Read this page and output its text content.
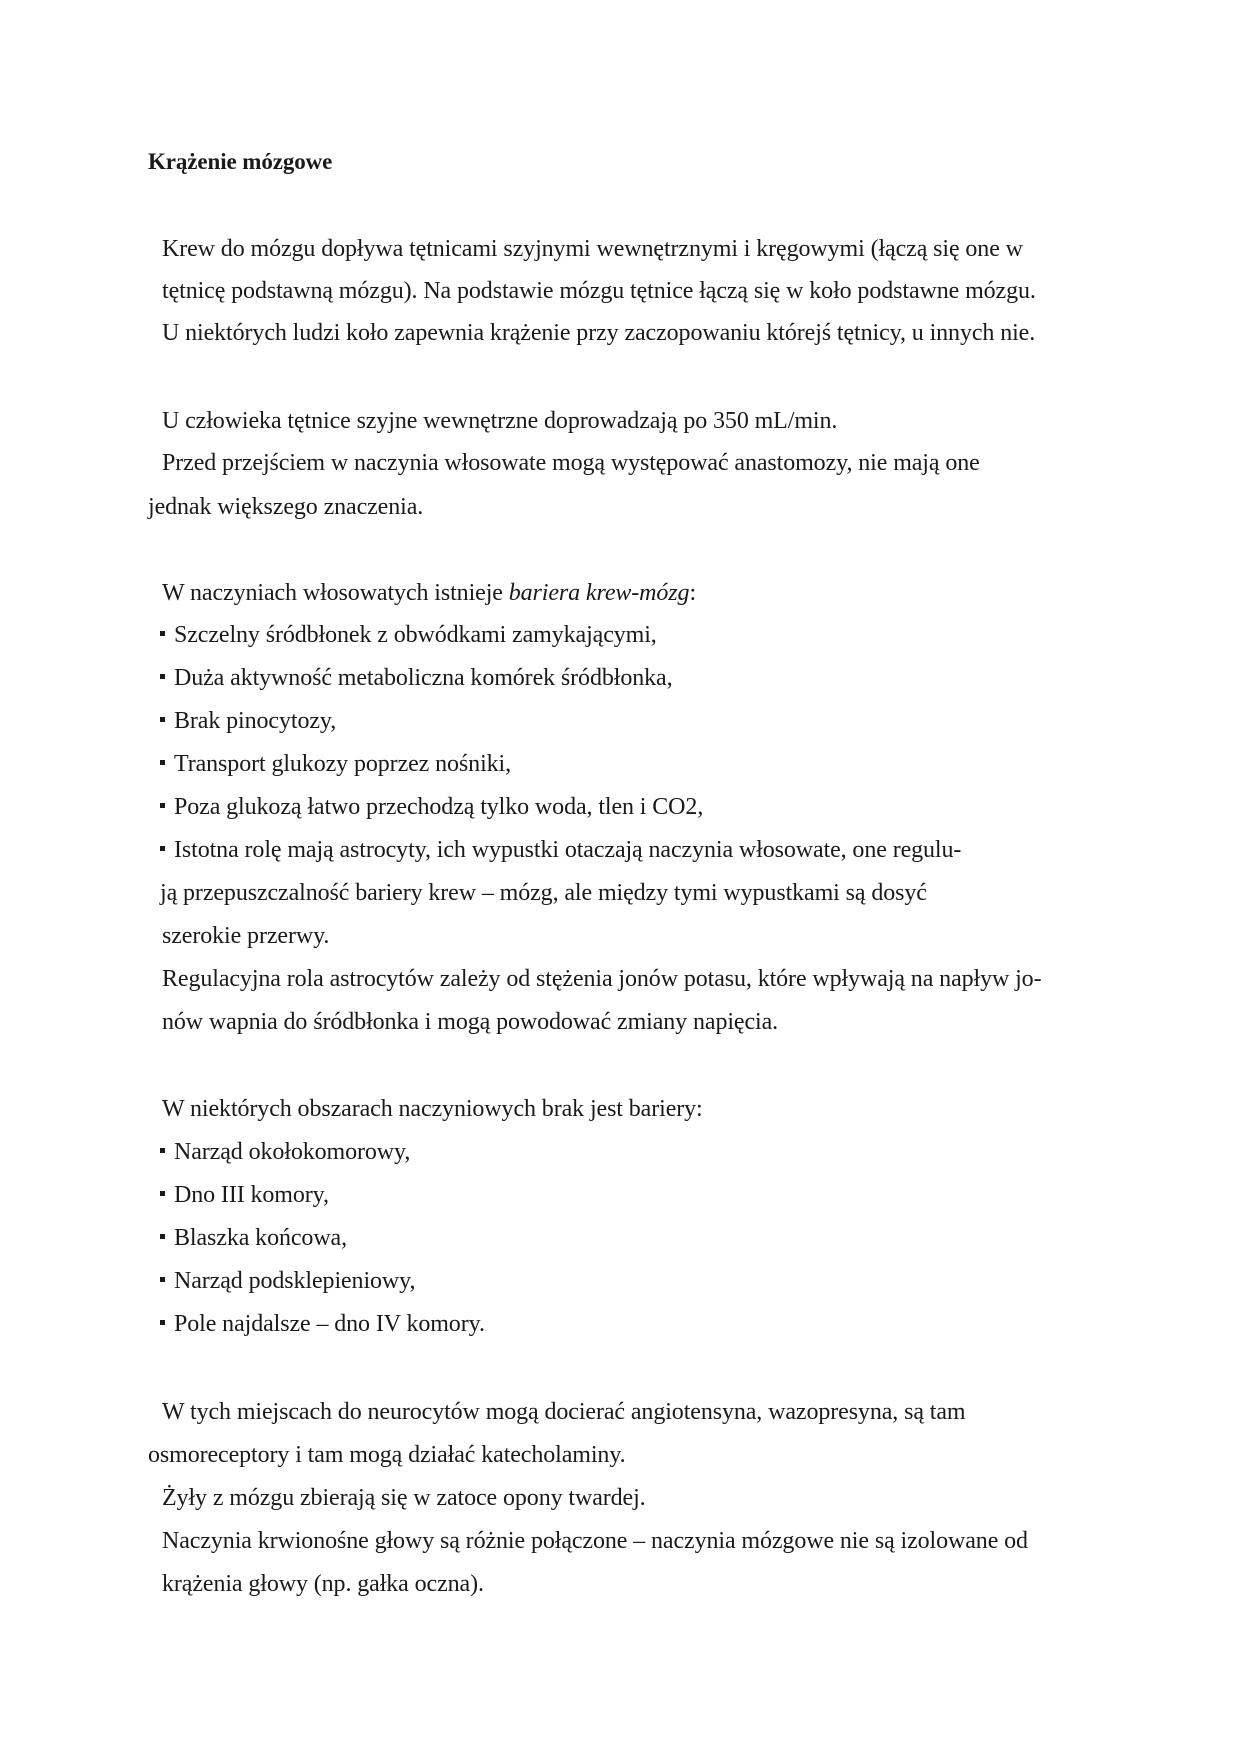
Krążenie mózgowe
Krew do mózgu dopływa tętnicami szyjnymi wewnętrznymi i kręgowymi (łączą się one w
tętnicę podstawną mózgu). Na podstawie mózgu tętnice łączą się w koło podstawne mózgu.
U niektórych ludzi koło zapewnia krążenie przy zaczopowaniu którejś tętnicy, u innych nie.
U człowieka tętnice szyjne wewnętrzne doprowadzają po 350 mL/min.
Przed przejściem w naczynia włosowate mogą występować anastomozy, nie mają one
jednak większego znaczenia.
W naczyniach włosowatych istnieje bariera krew-mózg:
Szczelny śródbłonek z obwódkami zamykającymi,
Duża aktywność metaboliczna komórek śródbłonka,
Brak pinocytozy,
Transport glukozy poprzez nośniki,
Poza glukozą łatwo przechodzą tylko woda, tlen i CO2,
Istotna rolę mają astrocyty, ich wypustki otaczają naczynia włosowate, one regulu-
ją przepuszczalność bariery krew – mózg, ale między tymi wypustkami są dosyć
szerokie przerwy.
Regulacyjna rola astrocytów zależy od stężenia jonów potasu, które wpływają na napływ jo-
nów wapnia do śródbłonka i mogą powodować zmiany napięcia.
W niektórych obszarach naczyniowych brak jest bariery:
Narząd okołokomorowy,
Dno III komory,
Blaszka końcowa,
Narząd podsklepieniowy,
Pole najdalsze – dno IV komory.
W tych miejscach do neurocytów mogą docierać angiotensyna, wazopresyna, są tam
osmoreceptory i tam mogą działać katecholaminy.
Żyły z mózgu zbierają się w zatoce opony twardej.
Naczynia krwionośne głowy są różnie połączone – naczynia mózgowe nie są izolowane od
krążenia głowy (np. gałka oczna).
